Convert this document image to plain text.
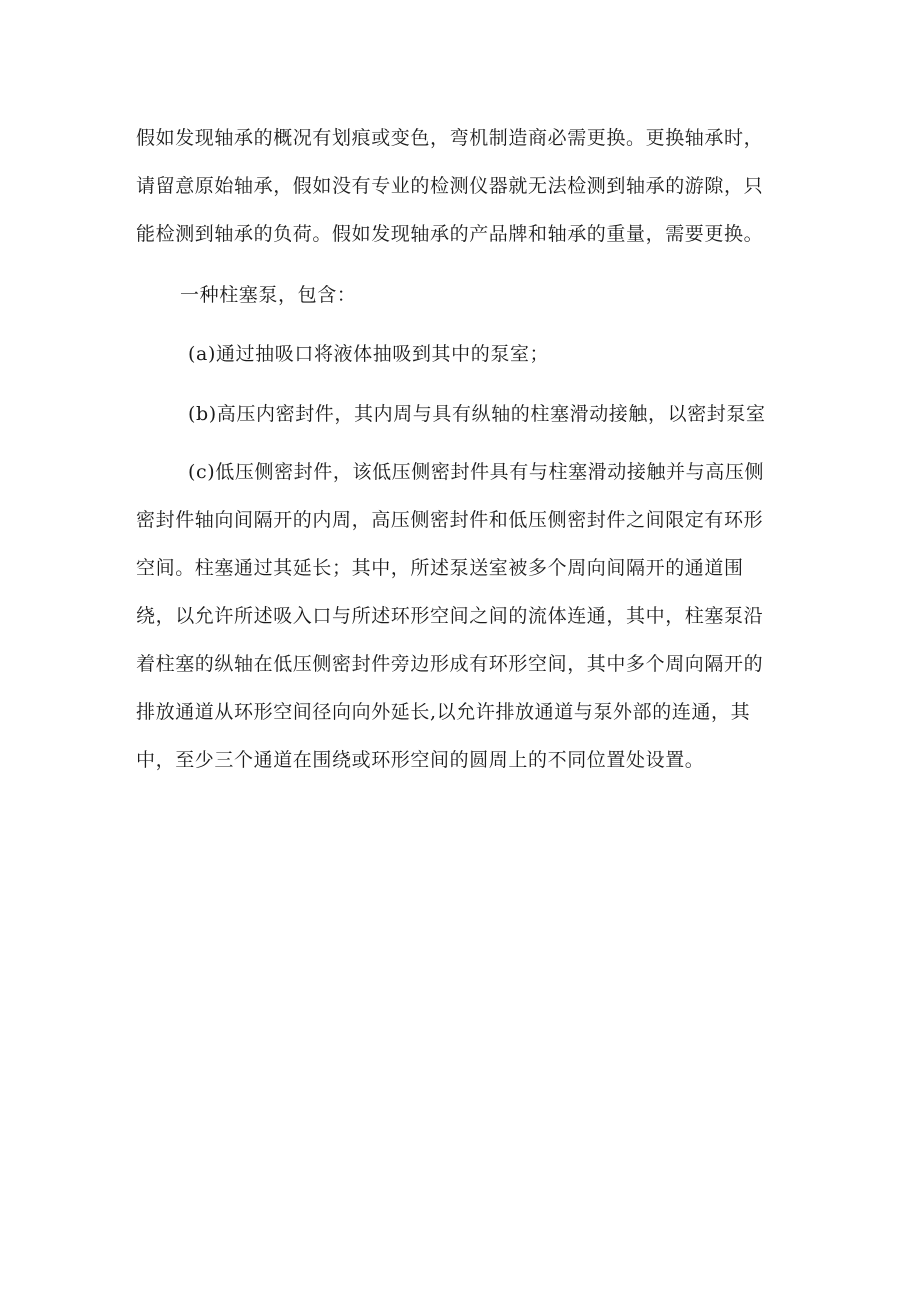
假如发现轴承的概况有划痕或变色，弯机制造商必需更换。更换轴承时，
请留意原始轴承，假如没有专业的检测仪器就无法检测到轴承的游隙，只
能检测到轴承的负荷。假如发现轴承的产品牌和轴承的重量，需要更换。
一种柱塞泵，包含：
(a)通过抽吸口将液体抽吸到其中的泵室；
(b)高压内密封件，其内周与具有纵轴的柱塞滑动接触，以密封泵室
(c)低压侧密封件，该低压侧密封件具有与柱塞滑动接触并与高压侧
密封件轴向间隔开的内周，高压侧密封件和低压侧密封件之间限定有环形
空间。柱塞通过其延长；其中，所述泵送室被多个周向间隔开的通道围
绕，以允许所述吸入口与所述环形空间之间的流体连通，其中，柱塞泵沿
着柱塞的纵轴在低压侧密封件旁边形成有环形空间，其中多个周向隔开的
排放通道从环形空间径向向外延长,以允许排放通道与泵外部的连通，其
中，至少三个通道在围绕或环形空间的圆周上的不同位置处设置。
